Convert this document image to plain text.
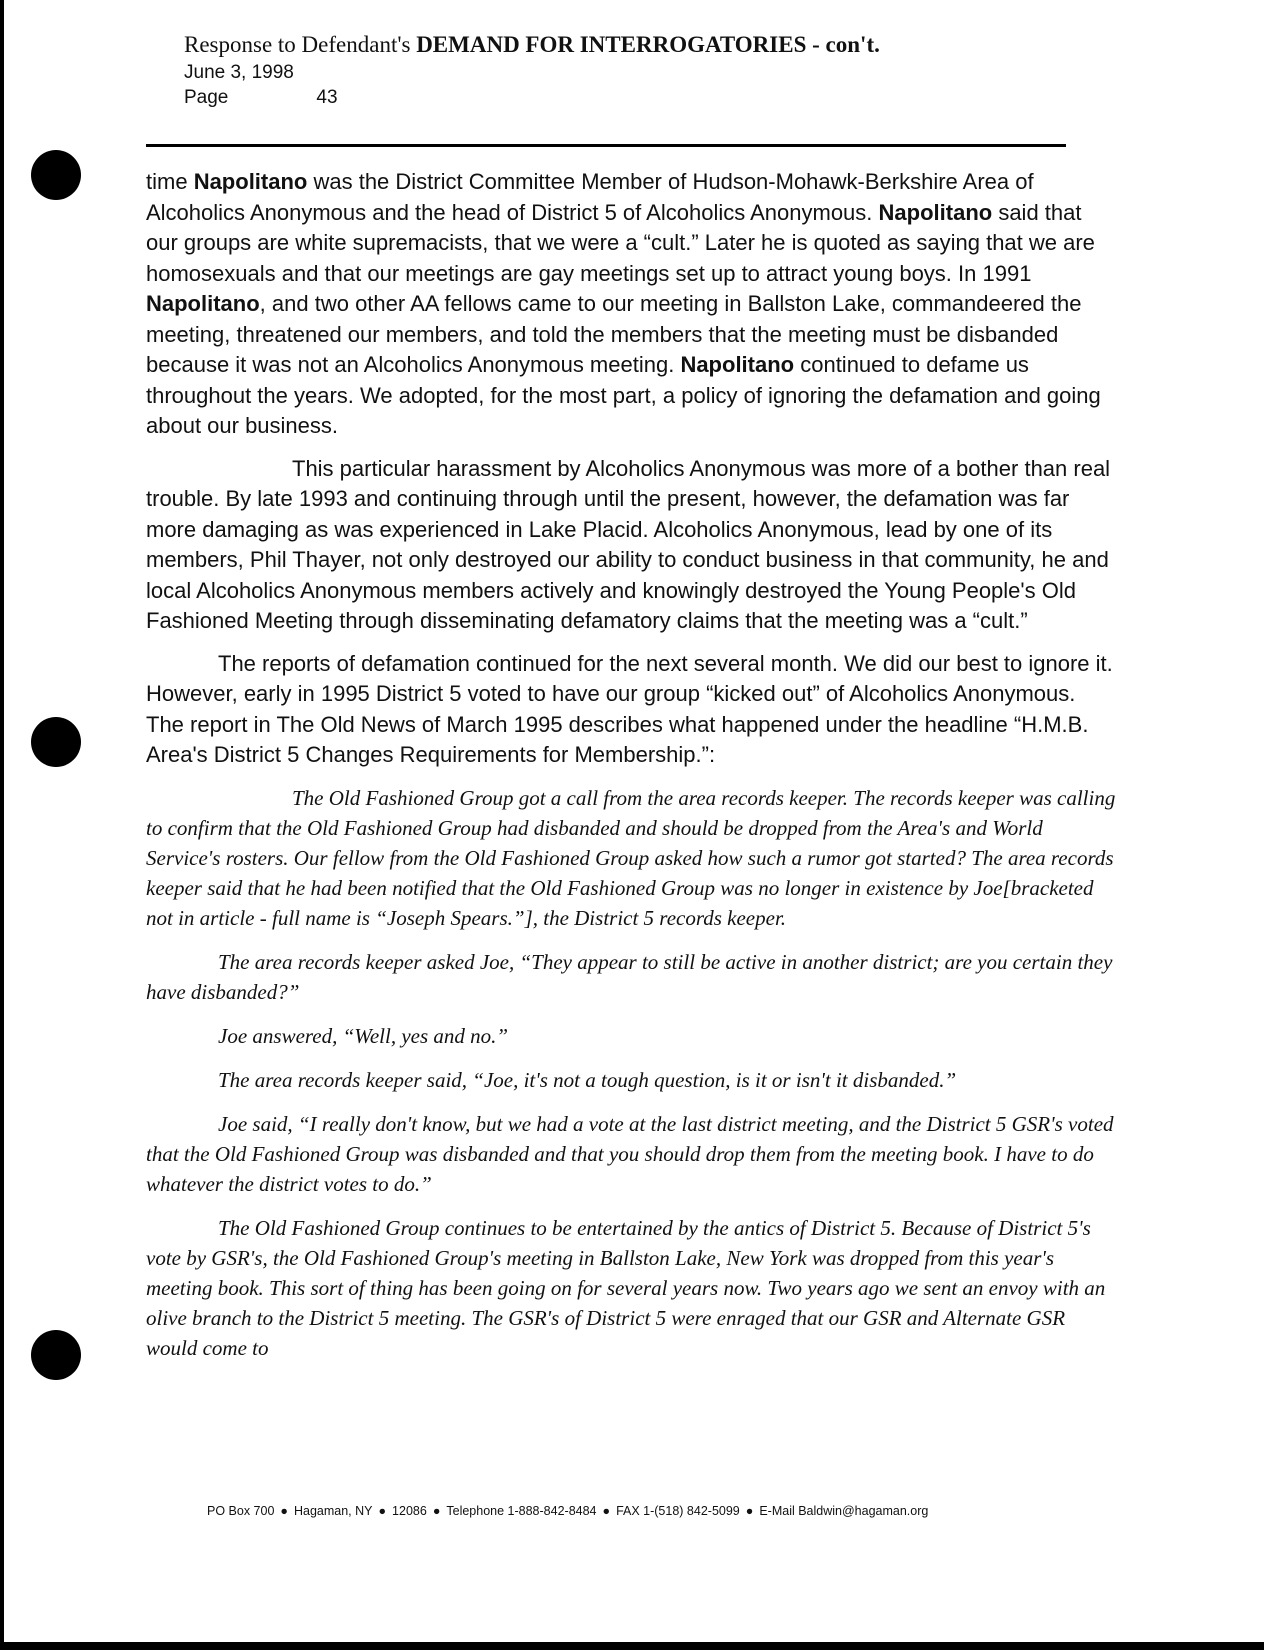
Response to Defendant's DEMAND FOR INTERROGATORIES - con't.
June 3, 1998
Page	43

time Napolitano was the District Committee Member of Hudson-Mohawk-Berkshire Area of Alcoholics Anonymous and the head of District 5 of Alcoholics Anonymous. Napolitano said that our groups are white supremacists, that we were a “cult.” Later he is quoted as saying that we are homosexuals and that our meetings are gay meetings set up to attract young boys. In 1991 Napolitano, and two other AA fellows came to our meeting in Ballston Lake, commandeered the meeting, threatened our members, and told the members that the meeting must be disbanded because it was not an Alcoholics Anonymous meeting. Napolitano continued to defame us throughout the years. We adopted, for the most part, a policy of ignoring the defamation and going about our business.

This particular harassment by Alcoholics Anonymous was more of a bother than real trouble. By late 1993 and continuing through until the present, however, the defamation was far more damaging as was experienced in Lake Placid. Alcoholics Anonymous, lead by one of its members, Phil Thayer, not only destroyed our ability to conduct business in that community, he and local Alcoholics Anonymous members actively and knowingly destroyed the Young People's Old Fashioned Meeting through disseminating defamatory claims that the meeting was a “cult.”

The reports of defamation continued for the next several month. We did our best to ignore it. However, early in 1995 District 5 voted to have our group “kicked out” of Alcoholics Anonymous. The report in The Old News of March 1995 describes what happened under the headline “H.M.B. Area's District 5 Changes Requirements for Membership.”:

The Old Fashioned Group got a call from the area records keeper. The records keeper was calling to confirm that the Old Fashioned Group had disbanded and should be dropped from the Area's and World Service's rosters. Our fellow from the Old Fashioned Group asked how such a rumor got started? The area records keeper said that he had been notified that the Old Fashioned Group was no longer in existence by Joe[bracketed not in article - full name is “Joseph Spears.”], the District 5 records keeper.

The area records keeper asked Joe, “They appear to still be active in another district; are you certain they have disbanded?”

Joe answered, “Well, yes and no.”

The area records keeper said, “Joe, it's not a tough question, is it or isn't it disbanded.”

Joe said, “I really don't know, but we had a vote at the last district meeting, and the District 5 GSR's voted that the Old Fashioned Group was disbanded and that you should drop them from the meeting book. I have to do whatever the district votes to do.”

The Old Fashioned Group continues to be entertained by the antics of District 5. Because of District 5's vote by GSR's, the Old Fashioned Group's meeting in Ballston Lake, New York was dropped from this year's meeting book. This sort of thing has been going on for several years now. Two years ago we sent an envoy with an olive branch to the District 5 meeting. The GSR's of District 5 were enraged that our GSR and Alternate GSR would come to

PO Box 700 ● Hagaman, NY ● 12086 ● Telephone 1-888-842-8484 ● FAX 1-(518) 842-5099 ● E-Mail Baldwin@hagaman.org
